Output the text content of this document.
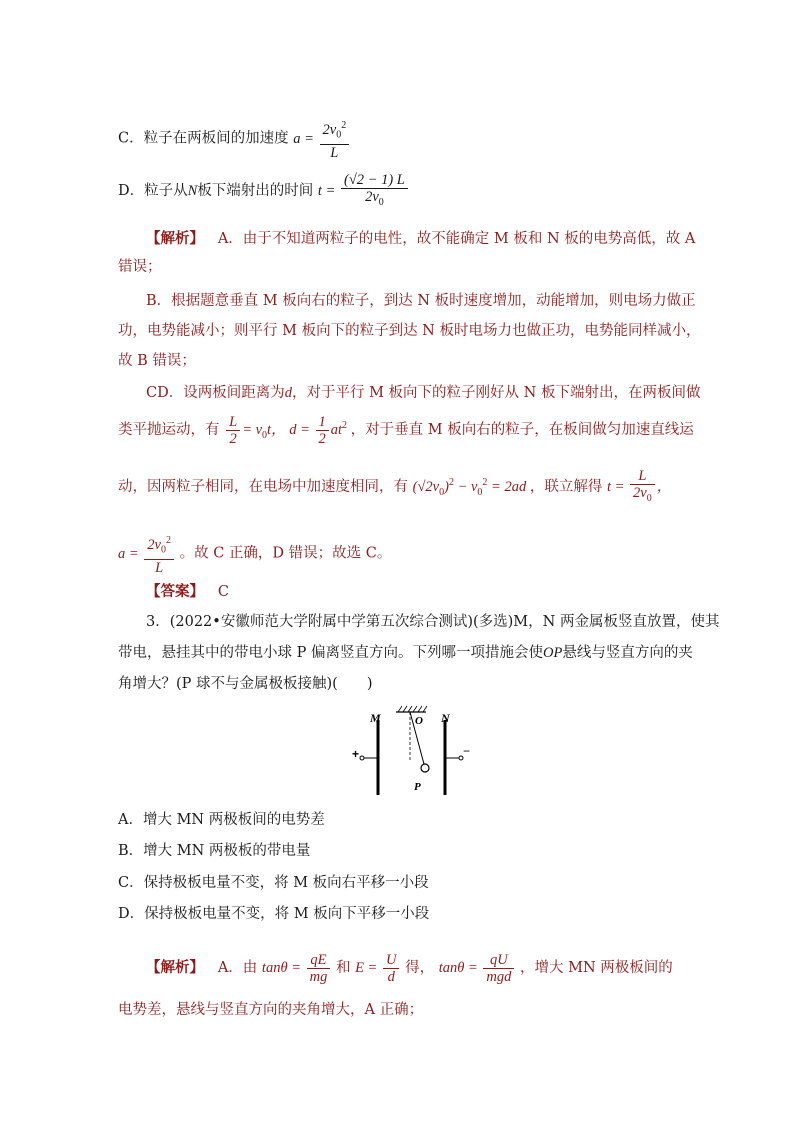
C．粒子在两板间的加速度 $a = \frac{2v_0^2}{L}$
D．粒子从N板下端射出的时间 $t = \frac{(√2 - 1) L}{2v_0}$
【解析】 A．由于不知道两粒子的电性，故不能确定 M 板和 N 板的电势高低，故 A
错误；
B．根据题意垂直 M 板向右的粒子，到达 N 板时速度增加，动能增加，则电场力做正
功，电势能减小；则平行 M 板向下的粒子到达 N 板时电场力也做正功，电势能同样减小，
故 B 错误；
CD．设两板间距离为d，对于平行 M 板向下的粒子刚好从 N 板下端射出，在两板间做
类平抛运动，有 $\frac{L}{2} = v_0t$， $d = \frac{1}{2} at^2$ ，对于垂直 M 板向右的粒子，在板间做匀加速直线运
动，因两粒子相同，在电场中加速度相同，有 $(√2v_0)^2 - v_0^2 = 2ad$ ，联立解得 $t = \frac{L}{2v_0}$ ，
$a = \frac{2v_0^2}{L}$ 。故 C 正确，D 错误；故选 C。
【答案】 C
3．(2022•安徽师范大学附属中学第五次综合测试)(多选)M，N 两金属板竖直放置，使其
带电，悬挂其中的带电小球 P 偏离竖直方向。下列哪一项措施会使OP悬线与竖直方向的夹
角增大？(P 球不与金属极板接触)(　　)
M	N
O
P
+	−
A．增大 MN 两极板间的电势差
B．增大 MN 两极板的带电量
C．保持极板电量不变，将 M 板向右平移一小段
D．保持极板电量不变，将 M 板向下平移一小段
【解析】 A．由 $\tan\theta = \frac{qE}{mg}$ 和 $E = \frac{U}{d}$ 得， $\tan\theta = \frac{qU}{\text{mgd}}$ ，增大 MN 两极板间的
电势差，悬线与竖直方向的夹角增大，A 正确；
